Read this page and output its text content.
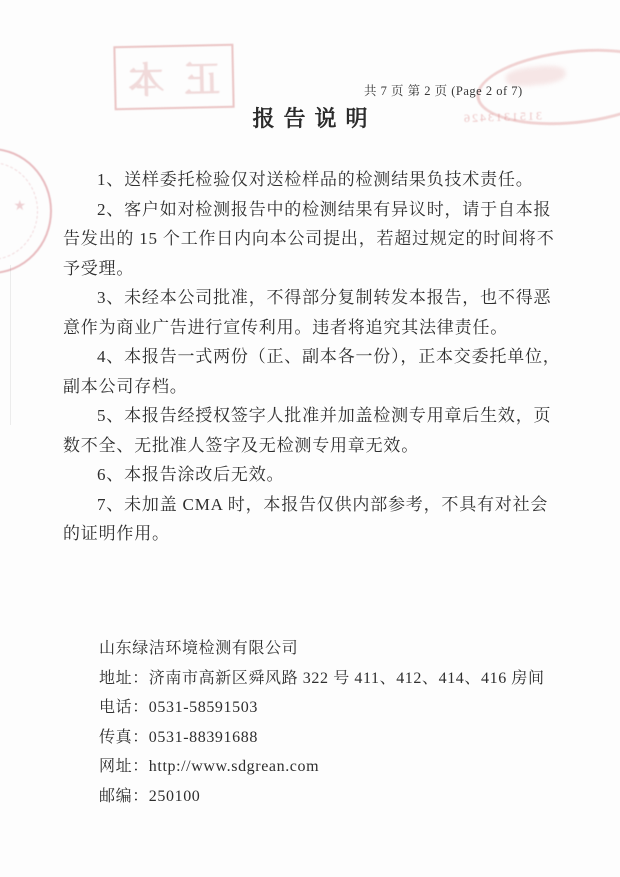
正本
3151313426
★
共 7 页 第 2 页 (Page 2 of 7)
报告说明
1、送样委托检验仅对送检样品的检测结果负技术责任。
2、客户如对检测报告中的检测结果有异议时，请于自本报
告发出的 15 个工作日内向本公司提出，若超过规定的时间将不
予受理。
3、未经本公司批准，不得部分复制转发本报告，也不得恶
意作为商业广告进行宣传利用。违者将追究其法律责任。
4、本报告一式两份（正、副本各一份），正本交委托单位，
副本公司存档。
5、本报告经授权签字人批准并加盖检测专用章后生效，页
数不全、无批准人签字及无检测专用章无效。
6、本报告涂改后无效。
7、未加盖 CMA 时，本报告仅供内部参考，不具有对社会
的证明作用。
山东绿洁环境检测有限公司
地址：济南市高新区舜风路 322 号 411、412、414、416 房间
电话：0531-58591503
传真：0531-88391688
网址：http://www.sdgrean.com
邮编：250100
